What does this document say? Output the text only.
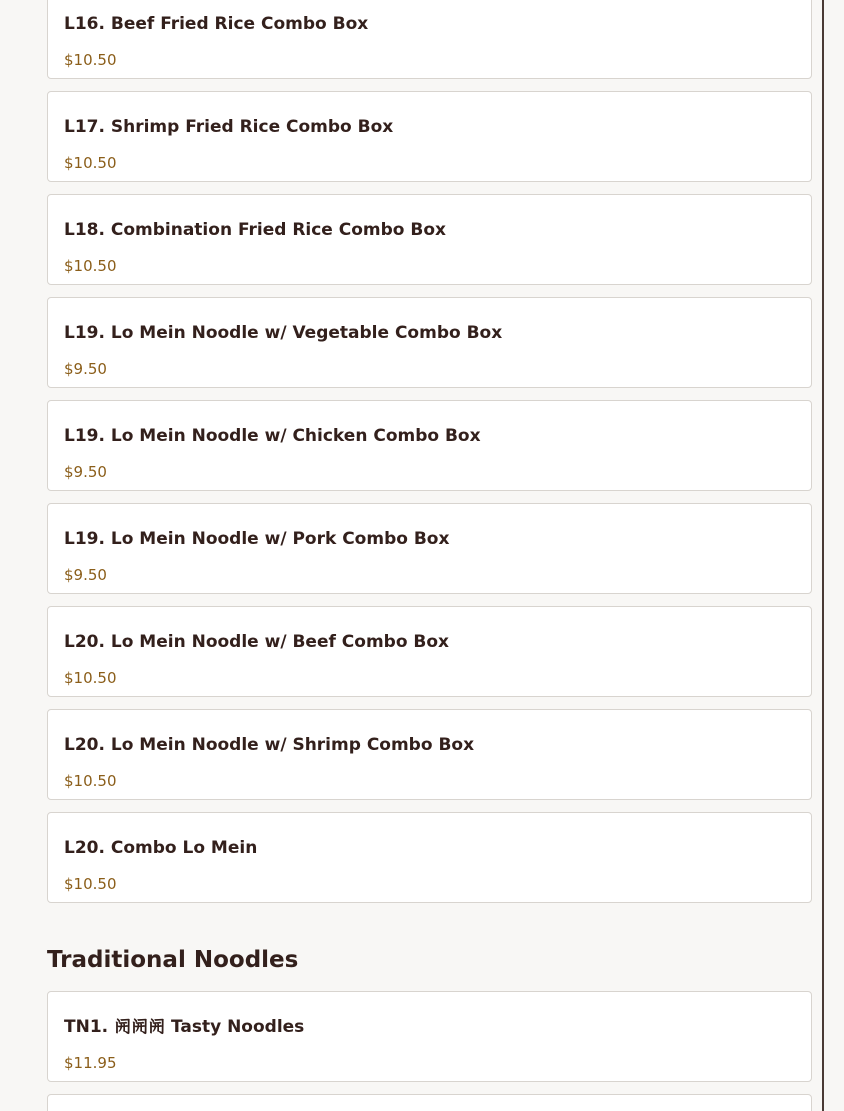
L16. Beef Fried Rice Combo Box
$10.50
L17. Shrimp Fried Rice Combo Box
$10.50
L18. Combination Fried Rice Combo Box
$10.50
L19. Lo Mein Noodle w/ Vegetable Combo Box
$9.50
L19. Lo Mein Noodle w/ Chicken Combo Box
$9.50
L19. Lo Mein Noodle w/ Pork Combo Box
$9.50
L20. Lo Mein Noodle w/ Beef Combo Box
$10.50
L20. Lo Mein Noodle w/ Shrimp Combo Box
$10.50
L20. Combo Lo Mein
$10.50
Traditional Noodles
TN1. 𫔭𫔭𫔭 Tasty Noodles
$11.95
